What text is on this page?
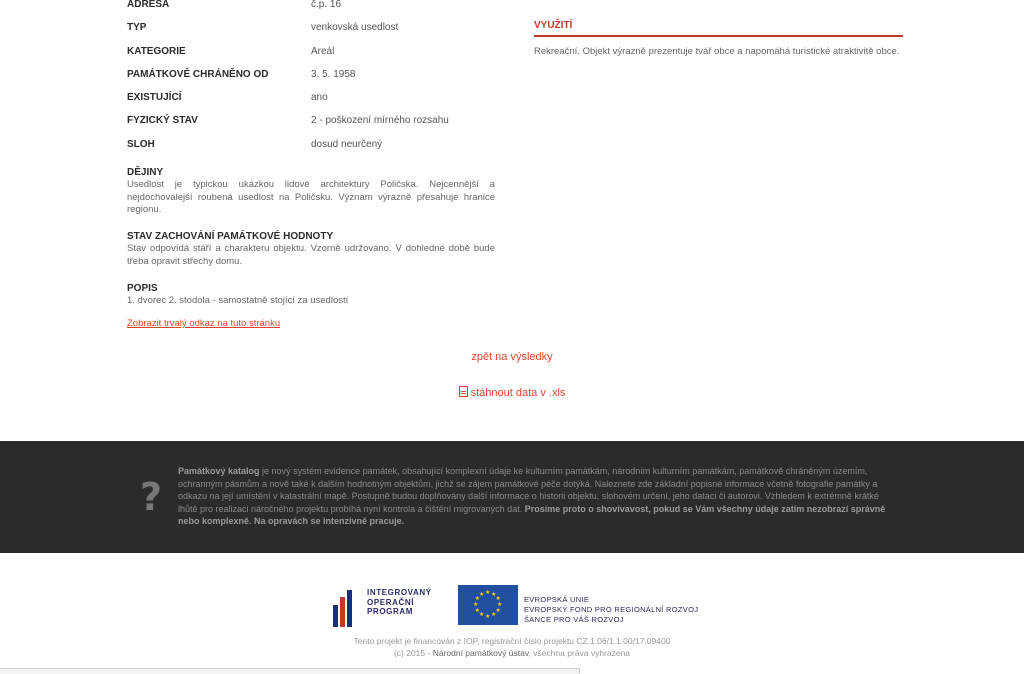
ADRESA	č.p. 16
TYP	venkovská usedlost
KATEGORIE	Areál
PAMÁTKOVĚ CHRÁNĚNO OD	3. 5. 1958
EXISTUJÍCÍ	ano
FYZICKÝ STAV	2 - poškození mírného rozsahu
SLOH	dosud neurčený
DĚJINY
Usedlost je typickou ukázkou lidové architektury Poličska. Nejcennější a nejdochovalejší roubená usedlost na Poličsku. Význam výrazně přesahuje hranice regionu.
STAV ZACHOVÁNÍ PAMÁTKOVÉ HODNOTY
Stav odpovídá stáří a charakteru objektu. Vzorně udržováno. V dohledné době bude třeba opravit střechy domu.
POPIS
1. dvorec 2. stodola - samostatně stojící za usedlostí
Zobrazit trvalý odkaz na tuto stránku
VYUŽITÍ
Rekreační. Objekt výrazně prezentuje tvář obce a napomáhá turistické atraktivitě obce.
zpět na výsledky
stáhnout data v .xls
?
Památkový katalog je nový systém evidence památek, obsahující komplexní údaje ke kulturním památkám, národním kulturním památkám, památkově chráněným územím, ochranným pásmům a nově také k dalším hodnotným objektům, jichž se zájem památkové péče dotýká. Naleznete zde základní popisné informace včetně fotografie památky a odkazu na její umístění v katastrální mapě. Postupně budou doplňovány další informace o historii objektu, slohovém určení, jeho dataci či autorovi. Vzhledem k extrémně krátké lhůtě pro realizaci náročného projektu probíhá nyní kontrola a čištění migrovaných dat. Prosíme proto o shovívavost, pokud se Vám všechny údaje zatím nezobrazí správně nebo komplexně. Na opravách se intenzivně pracuje.
INTEGROVANÝ
OPERAČNÍ
PROGRAM
★ ★
★
★
★
★
★
★
★
★
★
★
EVROPSKÁ UNIE
EVROPSKÝ FOND PRO REGIONÁLNÍ ROZVOJ
ŠANCE PRO VÁŠ ROZVOJ
Tento projekt je financován z IOP, registrační číslo projektu CZ.1.06/1.1.00/17.09400
(c) 2015 - Národní památkový ústav, všechna práva vyhrazena
